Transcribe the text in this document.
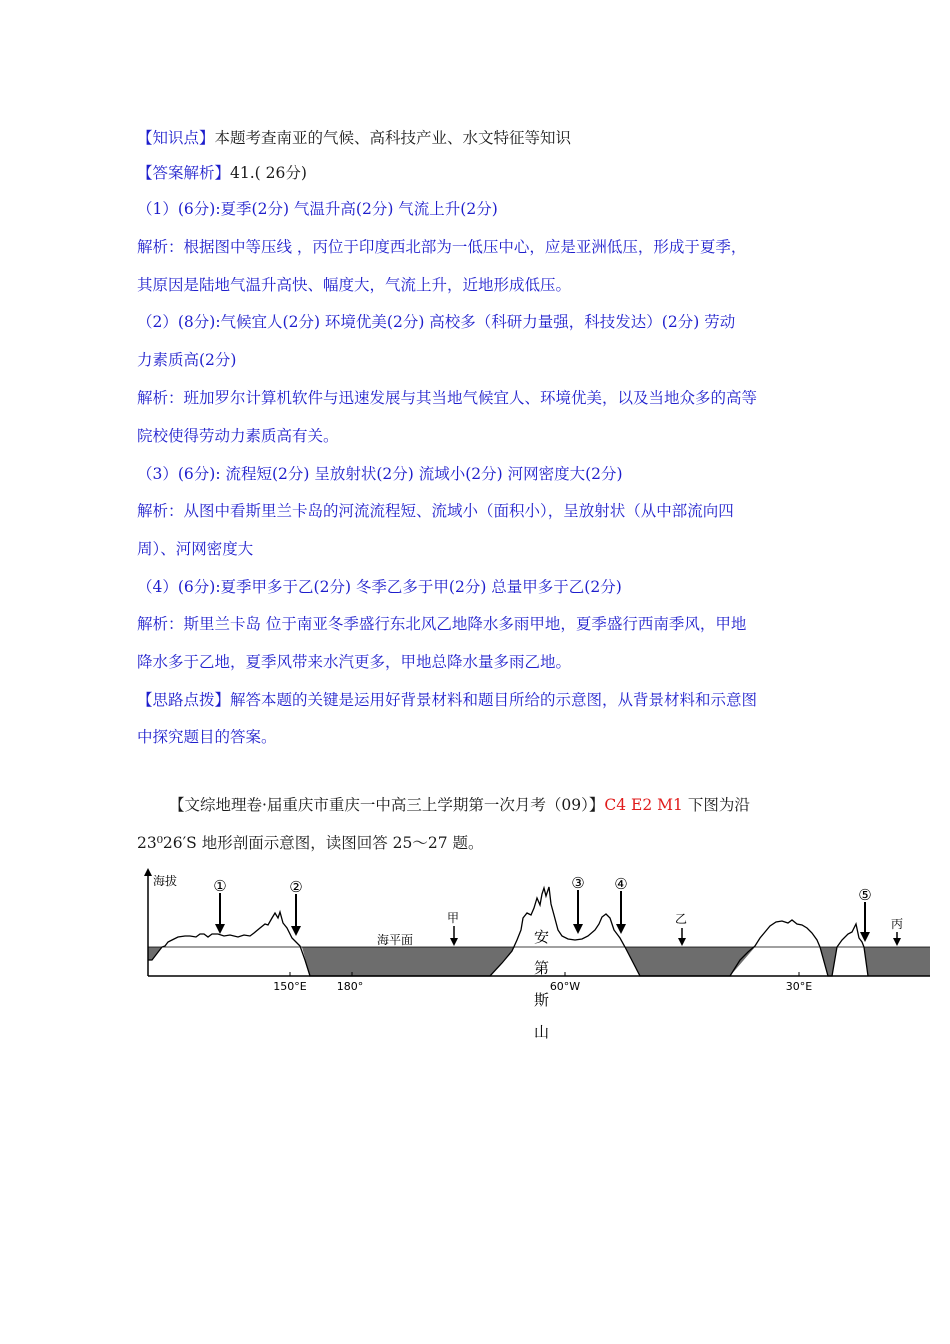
【知识点】本题考查南亚的气候、高科技产业、水文特征等知识
【答案解析】41.( 26分)
（1）(6分):夏季(2分) 气温升高(2分) 气流上升(2分)
解析：根据图中等压线 ，丙位于印度西北部为一低压中心，应是亚洲低压，形成于夏季，
其原因是陆地气温升高快、幅度大，气流上升，近地形成低压。
（2）(8分):气候宜人(2分) 环境优美(2分) 高校多（科研力量强，科技发达）(2分) 劳动
力素质高(2分)
解析：班加罗尔计算机软件与迅速发展与其当地气候宜人、环境优美，以及当地众多的高等
院校使得劳动力素质高有关。
（3）(6分): 流程短(2分) 呈放射状(2分) 流域小(2分) 河网密度大(2分)
解析：从图中看斯里兰卡岛的河流流程短、流域小（面积小），呈放射状（从中部流向四
周）、河网密度大
（4）(6分):夏季甲多于乙(2分) 冬季乙多于甲(2分) 总量甲多于乙(2分)
解析：斯里兰卡岛 位于南亚冬季盛行东北风乙地降水多雨甲地，夏季盛行西南季风，甲地
降水多于乙地，夏季风带来水汽更多，甲地总降水量多雨乙地。
【思路点拨】解答本题的关键是运用好背景材料和题目所给的示意图，从背景材料和示意图
中探究题目的答案。
【文综地理卷·届重庆市重庆一中高三上学期第一次月考（09）】C4 E2 M1 下图为沿
23⁰26′S 地形剖面示意图，读图回答 25～27 题。
150°E	180°	60°W	30°E
海拔
海平面
①	②	③ ④
⑤
甲	乙	丙
安
第
斯
山
